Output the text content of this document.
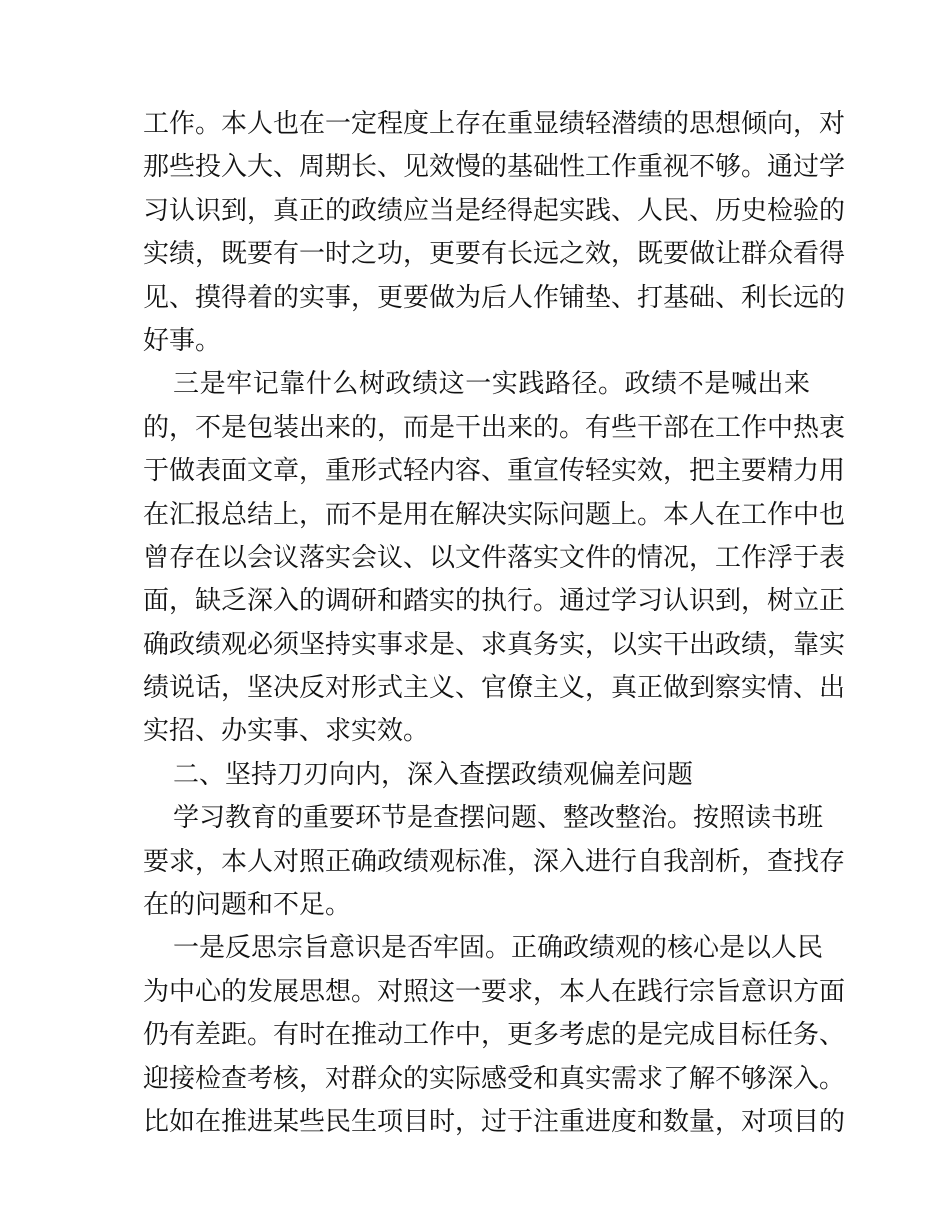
工作。本人也在一定程度上存在重显绩轻潜绩的思想倾向，对
那些投入大、周期长、见效慢的基础性工作重视不够。通过学
习认识到，真正的政绩应当是经得起实践、人民、历史检验的
实绩，既要有一时之功，更要有长远之效，既要做让群众看得
见、摸得着的实事，更要做为后人作铺垫、打基础、利长远的
好事。
三是牢记靠什么树政绩这一实践路径。政绩不是喊出来
的，不是包装出来的，而是干出来的。有些干部在工作中热衷
于做表面文章，重形式轻内容、重宣传轻实效，把主要精力用
在汇报总结上，而不是用在解决实际问题上。本人在工作中也
曾存在以会议落实会议、以文件落实文件的情况，工作浮于表
面，缺乏深入的调研和踏实的执行。通过学习认识到，树立正
确政绩观必须坚持实事求是、求真务实，以实干出政绩，靠实
绩说话，坚决反对形式主义、官僚主义，真正做到察实情、出
实招、办实事、求实效。
二、坚持刀刃向内，深入查摆政绩观偏差问题
学习教育的重要环节是查摆问题、整改整治。按照读书班
要求，本人对照正确政绩观标准，深入进行自我剖析，查找存
在的问题和不足。
一是反思宗旨意识是否牢固。正确政绩观的核心是以人民
为中心的发展思想。对照这一要求，本人在践行宗旨意识方面
仍有差距。有时在推动工作中，更多考虑的是完成目标任务、
迎接检查考核，对群众的实际感受和真实需求了解不够深入。
比如在推进某些民生项目时，过于注重进度和数量，对项目的
